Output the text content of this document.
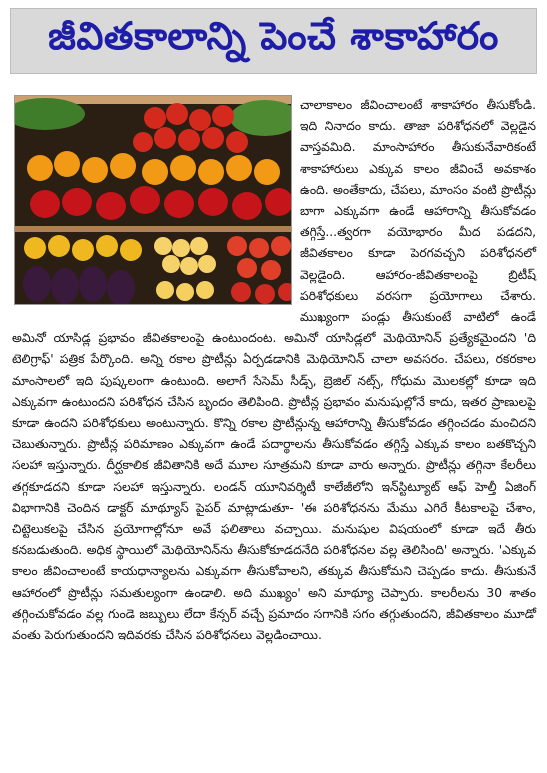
జీవితకాలాన్ని పెంచే శాకాహారం

చాలాకాలం జీవించాలంటే శాకాహారం తీసుకోండి. ఇది నినాదం కాదు. తాజా పరిశోధనలో వెల్లడైన వాస్తవమిది. మాంసాహారం తీసుకునేవారికంటే శాకాహారులు ఎక్కువ కాలం జీవించే అవకాశం ఉంది. అంతేకాదు, చేపలు, మాంసం వంటి ప్రొటీన్లు బాగా ఎక్కువగా ఉండే ఆహారాన్ని తీసుకోవడం తగ్గిస్తే...త్వరగా వయోభారం మీద పడదని, జీవితకాలం కూడా పెరగవచ్చని పరిశోధనలో వెల్లడైంది. ఆహారం-జీవితకాలంపై బ్రిటీష్ పరిశోధకులు వరసగా ప్రయోగాలు చేశారు. ముఖ్యంగా పండ్లు తీసుకుంటే వాటిలో ఉండే అమినో యాసిడ్ల ప్రభావం జీవితకాలంపై ఉంటుందంట. అమినో యాసిడ్లలో మెథియోనిన్ ప్రత్యేకమైందని 'ది టెలిగ్రాఫ్' పత్రిక పేర్కొంది. అన్ని రకాల ప్రొటీన్లు ఏర్పడడానికి మెథియోనిన్ చాలా అవసరం. చేపలు, రకరకాల మాంసాలలో ఇది పుష్కలంగా ఉంటుంది. అలాగే సేసెమ్ సీడ్స్, బ్రెజిల్ నట్స్, గోధుమ మొలకల్లో కూడా ఇది ఎక్కువగా ఉంటుందని పరిశోధన చేసిన బృందం తెలిపింది. ప్రొటీన్ల ప్రభావం మనుషుల్లోనే కాదు, ఇతర ప్రాణులపై కూడా ఉందని పరిశోధకులు అంటున్నారు. కొన్ని రకాల ప్రొటీన్లున్న ఆహారాన్ని తీసుకోవడం తగ్గించడం మంచిదని చెబుతున్నారు. ప్రొటీన్ల పరిమాణం ఎక్కువగా ఉండే పదార్థాలను తీసుకోవడం తగ్గిస్తే ఎక్కువ కాలం బతకొచ్చని సలహా ఇస్తున్నారు. దీర్ఘకాలిక జీవితానికి అదే మూల సూత్రమని కూడా వారు అన్నారు. ప్రొటీన్లు తగ్గినా కేలరీలు తగ్గకూడదని కూడా సలహా ఇస్తున్నారు. లండన్ యూనివర్శిటీ కాలేజీలోని ఇన్‌స్టిట్యూట్ ఆఫ్ హెల్తీ ఏజింగ్ విభాగానికి చెందిన డాక్టర్ మాథ్యూస్ పైపర్ మాట్లాడుతూ- 'ఈ పరిశోధనను మేము ఎగిరే కీటకాలపై చేశాం, చిట్టెలుకలపై చేసిన ప్రయోగాల్లోనూ అవే ఫలితాలు వచ్చాయి. మనుషుల విషయంలో కూడా ఇదే తీరు కనబడుతుంది. అధిక స్థాయిలో మెథియోనిన్‌ను తీసుకోకూడదనేది పరిశోధనల వల్ల తెలిసింది' అన్నారు. 'ఎక్కువ కాలం జీవించాలంటే కాయధాన్యాలను ఎక్కువగా తీసుకోవాలని, తక్కువ తీసుకోమని చెప్పడం కాదు. తీసుకునే ఆహారంలో ప్రొటీన్లు సమతుల్యంగా ఉండాలి. అది ముఖ్యం' అని మాథ్యూ చెప్పారు. కాలరీలను 30 శాతం తగ్గించుకోవడం వల్ల గుండె జబ్బులు లేదా కేన్సర్ వచ్చే ప్రమాదం సగానికి సగం తగ్గుతుందని, జీవితకాలం మూడో వంతు పెరుగుతుందని ఇదివరకు చేసిన పరిశోధనలు వెల్లడించాయి.
